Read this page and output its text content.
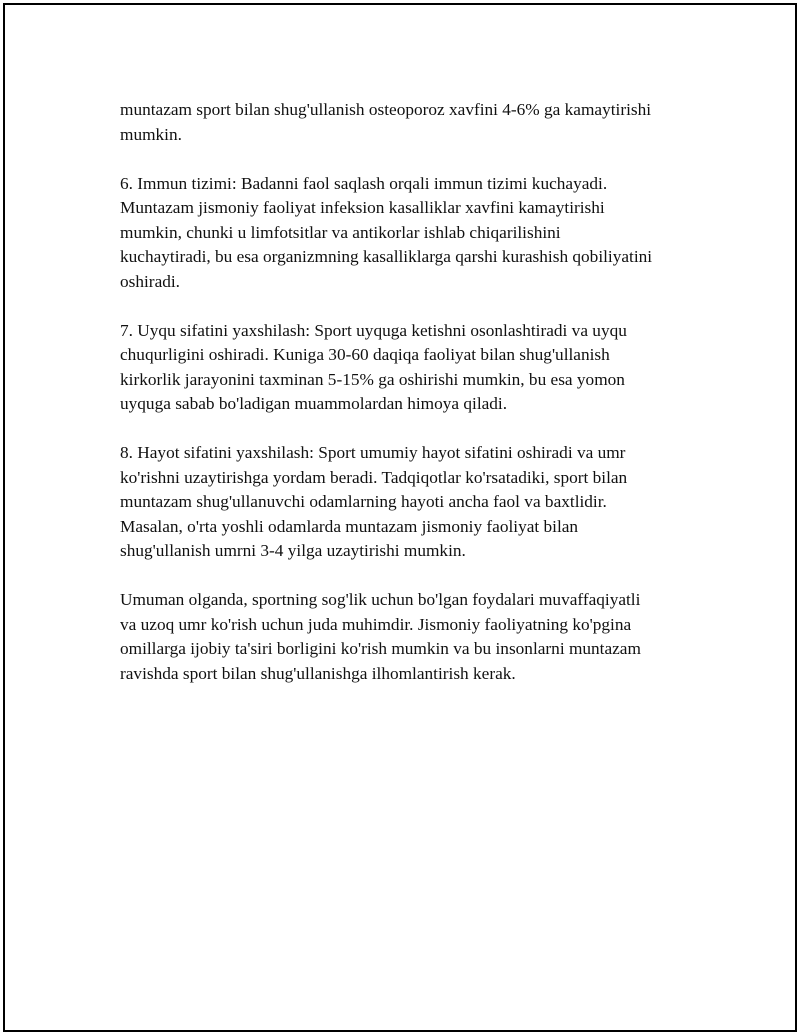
muntazam sport bilan shug'ullanish osteoporoz xavfini 4-6% ga kamaytirishi
mumkin.

6. Immun tizimi: Badanni faol saqlash orqali immun tizimi kuchayadi.
Muntazam jismoniy faoliyat infeksion kasalliklar xavfini kamaytirishi
mumkin, chunki u limfotsitlar va antikorlar ishlab chiqarilishini
kuchaytiradi, bu esa organizmning kasalliklarga qarshi kurashish qobiliyatini
oshiradi.

7. Uyqu sifatini yaxshilash: Sport uyquga ketishni osonlashtiradi va uyqu
chuqurligini oshiradi. Kuniga 30-60 daqiqa faoliyat bilan shug'ullanish
kirkorlik jarayonini taxminan 5-15% ga oshirishi mumkin, bu esa yomon
uyquga sabab bo'ladigan muammolardan himoya qiladi.

8. Hayot sifatini yaxshilash: Sport umumiy hayot sifatini oshiradi va umr
ko'rishni uzaytirishga yordam beradi. Tadqiqotlar ko'rsatadiki, sport bilan
muntazam shug'ullanuvchi odamlarning hayoti ancha faol va baxtlidir.
Masalan, o'rta yoshli odamlarda muntazam jismoniy faoliyat bilan
shug'ullanish umrni 3-4 yilga uzaytirishi mumkin.

Umuman olganda, sportning sog'lik uchun bo'lgan foydalari muvaffaqiyatli
va uzoq umr ko'rish uchun juda muhimdir. Jismoniy faoliyatning ko'pgina
omillarga ijobiy ta'siri borligini ko'rish mumkin va bu insonlarni muntazam
ravishda sport bilan shug'ullanishga ilhomlantirish kerak.
